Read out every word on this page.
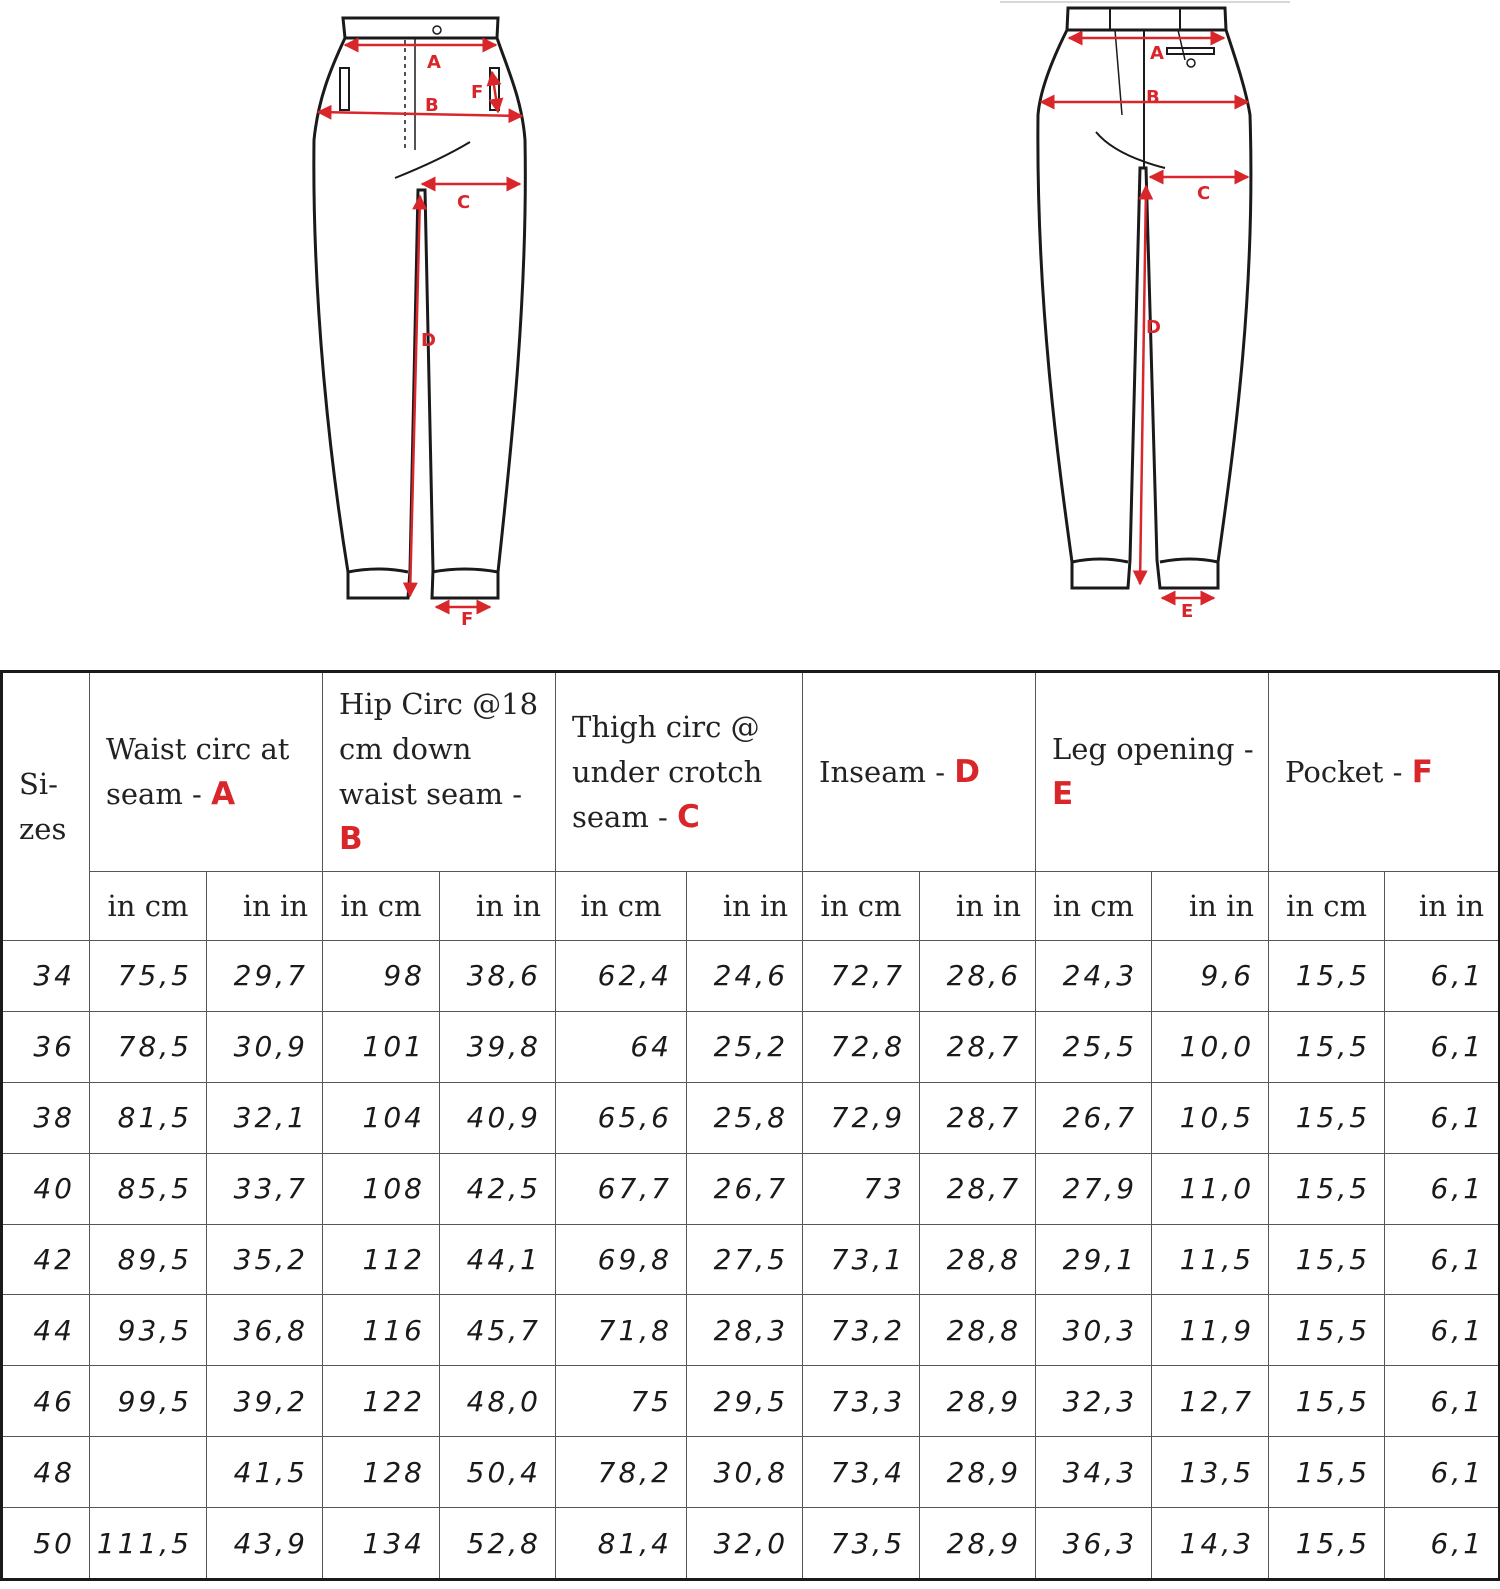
A
B
F
C
D
F
A
B
C
D
E
Si-
zes	Waist circ at seam - A		Hip Circ @18 cm down waist seam - B		Thigh circ @ under crotch seam - C		Inseam - D		Leg opening - E		Pocket - F	
	in cm	in in	in cm	in in	in cm	in in	in cm	in in	in cm	in in	in cm	in in
34	75,5	29,7	98	38,6	62,4	24,6	72,7	28,6	24,3	9,6	15,5	6,1
36	78,5	30,9	101	39,8	64	25,2	72,8	28,7	25,5	10,0	15,5	6,1
38	81,5	32,1	104	40,9	65,6	25,8	72,9	28,7	26,7	10,5	15,5	6,1
40	85,5	33,7	108	42,5	67,7	26,7	73	28,7	27,9	11,0	15,5	6,1
42	89,5	35,2	112	44,1	69,8	27,5	73,1	28,8	29,1	11,5	15,5	6,1
44	93,5	36,8	116	45,7	71,8	28,3	73,2	28,8	30,3	11,9	15,5	6,1
46	99,5	39,2	122	48,0	75	29,5	73,3	28,9	32,3	12,7	15,5	6,1
48		41,5	128	50,4	78,2	30,8	73,4	28,9	34,3	13,5	15,5	6,1
50	111,5	43,9	134	52,8	81,4	32,0	73,5	28,9	36,3	14,3	15,5	6,1
